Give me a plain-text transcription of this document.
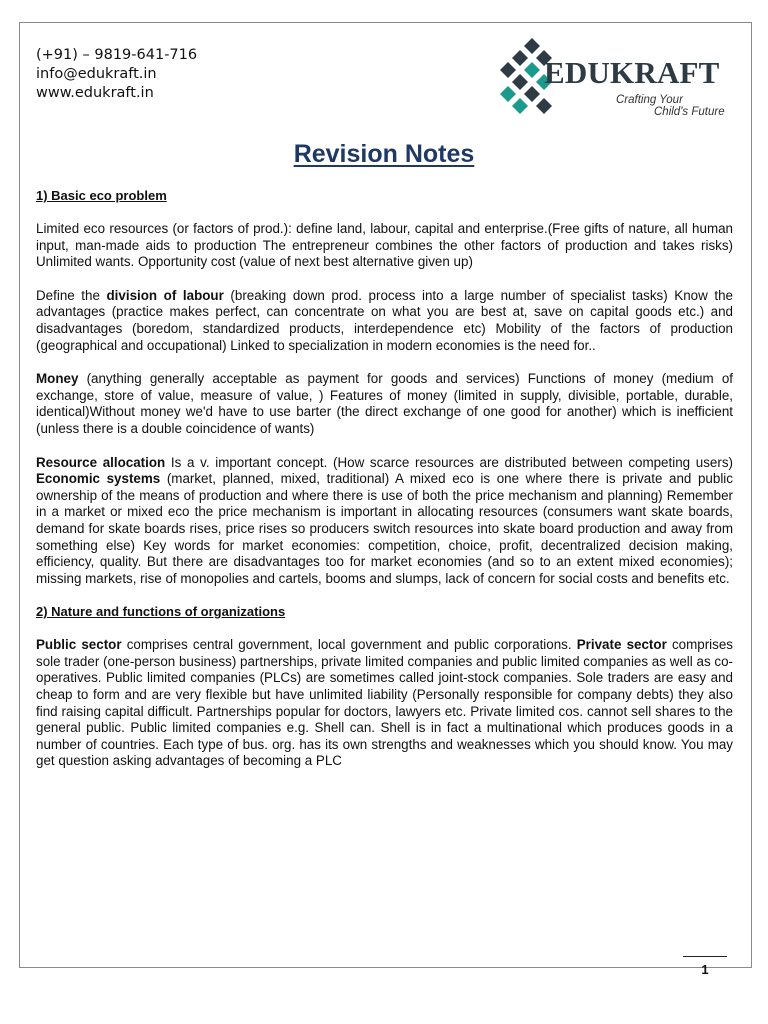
(+91) – 9819-641-716
info@edukraft.in
www.edukraft.in
EDUKRAFT
Crafting Your
Child's Future
Revision Notes
1) Basic eco problem

Limited eco resources (or factors of prod.): define land, labour, capital and enterprise.(Free gifts of nature, all human input, man-made aids to production The entrepreneur combines the other factors of production and takes risks) Unlimited wants. Opportunity cost (value of next best alternative given up)

Define the division of labour (breaking down prod. process into a large number of specialist tasks) Know the advantages (practice makes perfect, can concentrate on what you are best at, save on capital goods etc.) and disadvantages (boredom, standardized products, interdependence etc) Mobility of the factors of production (geographical and occupational) Linked to specialization in modern economies is the need for..

Money (anything generally acceptable as payment for goods and services) Functions of money (medium of exchange, store of value, measure of value, ) Features of money (limited in supply, divisible, portable, durable, identical)Without money we'd have to use barter (the direct exchange of one good for another) which is inefficient (unless there is a double coincidence of wants)

Resource allocation Is a v. important concept. (How scarce resources are distributed between competing users) Economic systems (market, planned, mixed, traditional) A mixed eco is one where there is private and public ownership of the means of production and where there is use of both the price mechanism and planning) Remember in a market or mixed eco the price mechanism is important in allocating resources (consumers want skate boards, demand for skate boards rises, price rises so producers switch resources into skate board production and away from something else) Key words for market economies: competition, choice, profit, decentralized decision making, efficiency, quality. But there are disadvantages too for market economies (and so to an extent mixed economies); missing markets, rise of monopolies and cartels, booms and slumps, lack of concern for social costs and benefits etc.

2) Nature and functions of organizations

Public sector comprises central government, local government and public corporations. Private sector comprises sole trader (one-person business) partnerships, private limited companies and public limited companies as well as co-operatives. Public limited companies (PLCs) are sometimes called joint-stock companies. Sole traders are easy and cheap to form and are very flexible but have unlimited liability (Personally responsible for company debts) they also find raising capital difficult. Partnerships popular for doctors, lawyers etc. Private limited cos. cannot sell shares to the general public. Public limited companies e.g. Shell can. Shell is in fact a multinational which produces goods in a number of countries. Each type of bus. org. has its own strengths and weaknesses which you should know. You may get question asking advantages of becoming a PLC

1
